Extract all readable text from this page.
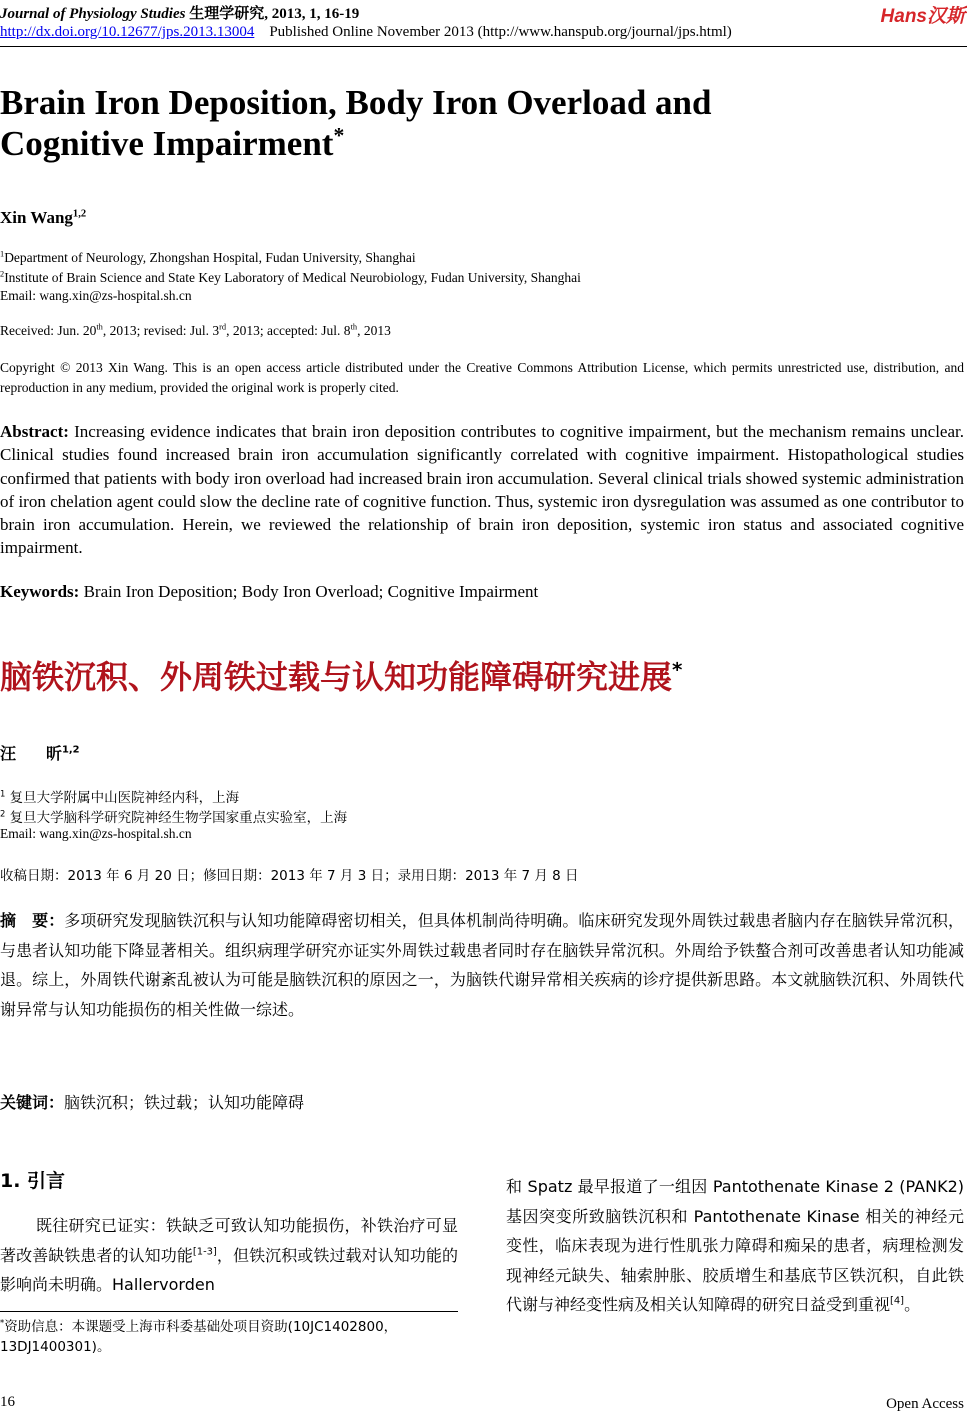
Journal of Physiology Studies 生理学研究, 2013, 1, 16-19	Hans汉斯
http://dx.doi.org/10.12677/jps.2013.13004 Published Online November 2013 (http://www.hanspub.org/journal/jps.html)
Brain Iron Deposition, Body Iron Overload and
Cognitive Impairment*
Xin Wang$^{1,2}$
$^1$Department of Neurology, Zhongshan Hospital, Fudan University, Shanghai
$^2$Institute of Brain Science and State Key Laboratory of Medical Neurobiology, Fudan University, Shanghai
Email: wang.xin@zs-hospital.sh.cn
Received: Jun. 20th, 2013; revised: Jul. 3rd, 2013; accepted: Jul. 8th, 2013
Copyright © 2013 Xin Wang. This is an open access article distributed under the Creative Commons Attribution License, which permits unrestricted use, distribution, and reproduction in any medium, provided the original work is properly cited.
Abstract: Increasing evidence indicates that brain iron deposition contributes to cognitive impairment, but the mechanism remains unclear. Clinical studies found increased brain iron accumulation significantly correlated with cognitive impairment. Histopathological studies confirmed that patients with body iron overload had increased brain iron accumulation. Several clinical trials showed systemic administration of iron chelation agent could slow the decline rate of cognitive function. Thus, systemic iron dysregulation was assumed as one contributor to brain iron accumulation. Herein, we reviewed the relationship of brain iron deposition, systemic iron status and associated cognitive impairment.
Keywords: Brain Iron Deposition; Body Iron Overload; Cognitive Impairment
脑铁沉积、外周铁过载与认知功能障碍研究进展*
汪 昕$^{1,2}$
$^1$ 复旦大学附属中山医院神经内科，上海
$^2$ 复旦大学脑科学研究院神经生物学国家重点实验室，上海
Email: wang.xin@zs-hospital.sh.cn
收稿日期：2013 年 6 月 20 日；修回日期：2013 年 7 月 3 日；录用日期：2013 年 7 月 8 日
摘　要：多项研究发现脑铁沉积与认知功能障碍密切相关，但具体机制尚待明确。临床研究发现外周铁过载患者脑内存在脑铁异常沉积，与患者认知功能下降显著相关。组织病理学研究亦证实外周铁过载患者同时存在脑铁异常沉积。外周给予铁螯合剂可改善患者认知功能减退。综上，外周铁代谢紊乱被认为可能是脑铁沉积的原因之一，为脑铁代谢异常相关疾病的诊疗提供新思路。本文就脑铁沉积、外周铁代谢异常与认知功能损伤的相关性做一综述。
关键词：脑铁沉积；铁过载；认知功能障碍
1. 引言
既往研究已证实：铁缺乏可致认知功能损伤，补铁治疗可显著改善缺铁患者的认知功能[1-3]，但铁沉积或铁过载对认知功能的影响尚未明确。Hallervorden
和 Spatz 最早报道了一组因 Pantothenate Kinase 2 (PANK2)基因突变所致脑铁沉积和 Pantothenate Kinase 相关的神经元变性，临床表现为进行性肌张力障碍和痴呆的患者，病理检测发现神经元缺失、轴索肿胀、胶质增生和基底节区铁沉积，自此铁代谢与神经变性病及相关认知障碍的研究日益受到重视[4]。
*资助信息：本课题受上海市科委基础处项目资助(10JC1402800，13DJ1400301)。
16	Open Access
